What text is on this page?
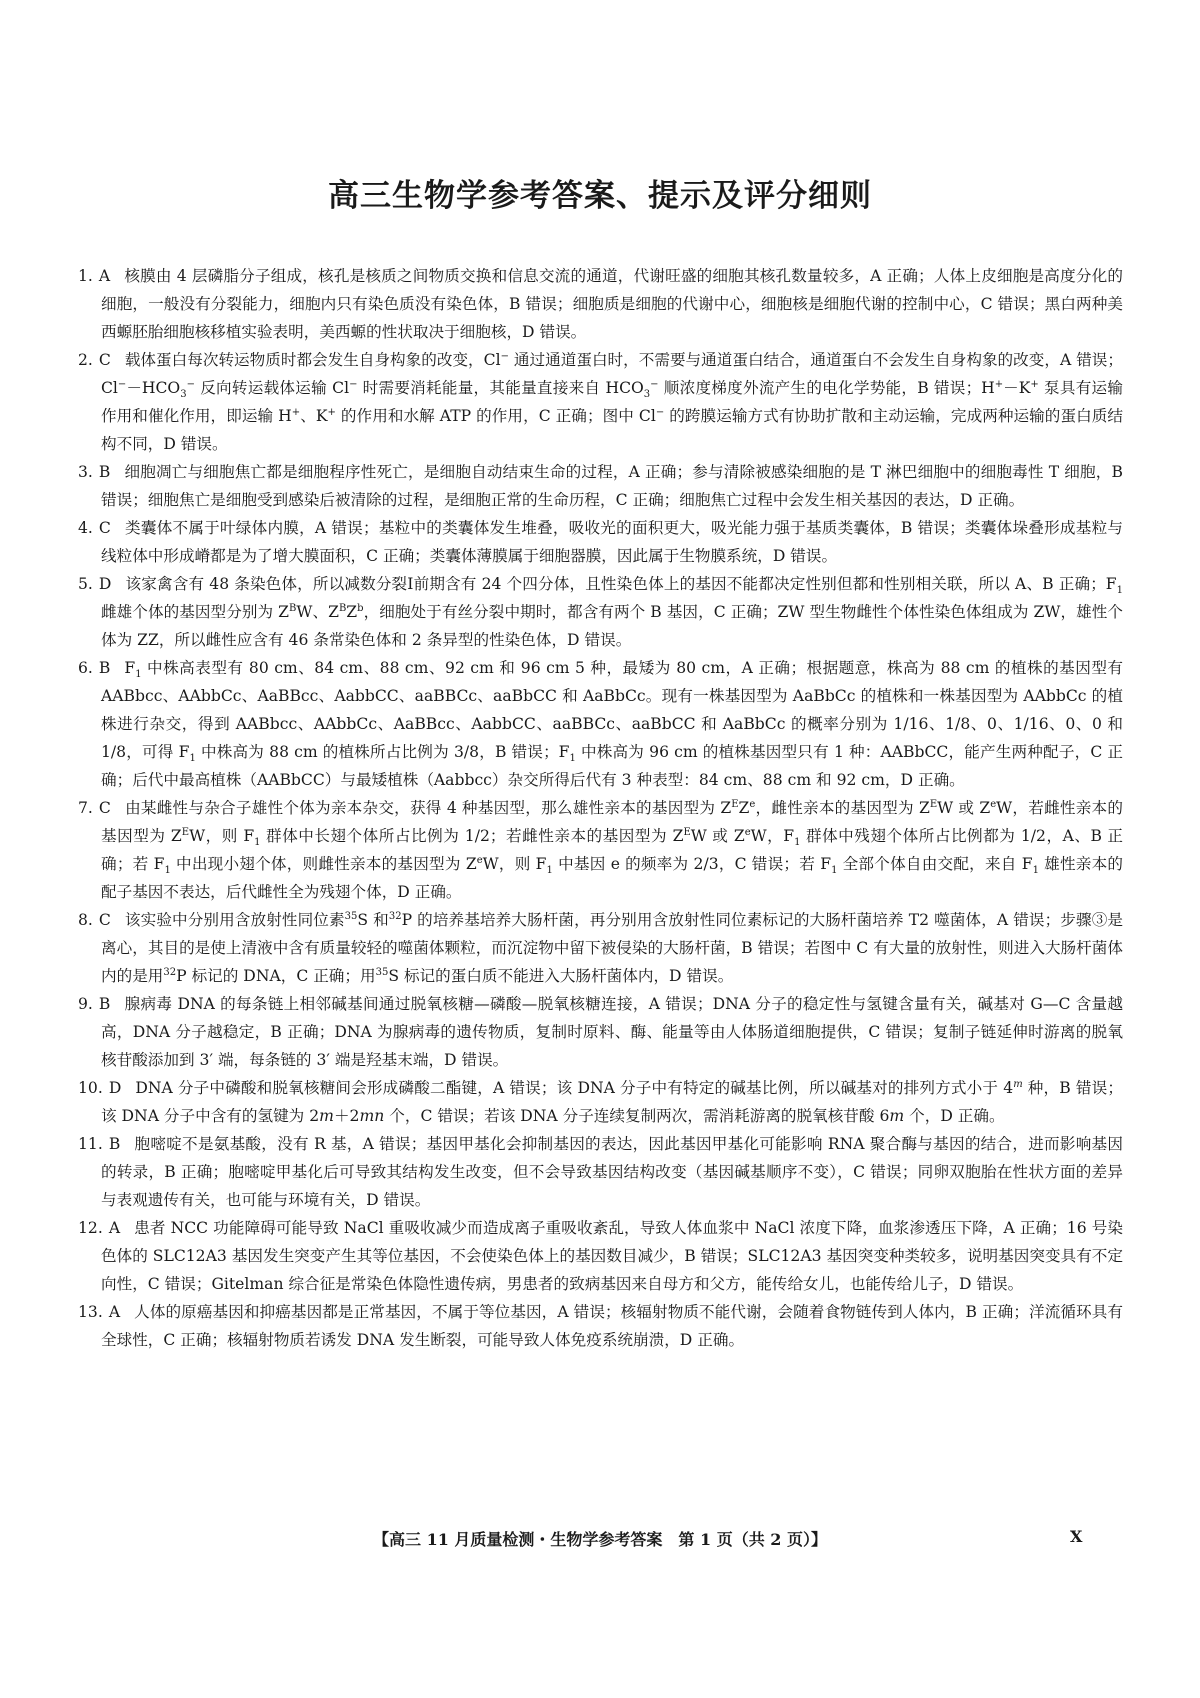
高三生物学参考答案、提示及评分细则
1. A 核膜由 4 层磷脂分子组成，核孔是核质之间物质交换和信息交流的通道，代谢旺盛的细胞其核孔数量较多，A 正确；人体上皮细胞是高度分化的细胞，一般没有分裂能力，细胞内只有染色质没有染色体，B 错误；细胞质是细胞的代谢中心，细胞核是细胞代谢的控制中心，C 错误；黑白两种美西螈胚胎细胞核移植实验表明，美西螈的性状取决于细胞核，D 错误。
2. C 载体蛋白每次转运物质时都会发生自身构象的改变，Cl− 通过通道蛋白时，不需要与通道蛋白结合，通道蛋白不会发生自身构象的改变，A 错误；$Cl^--HCO_3^-$ 反向转运载体运输 Cl− 时需要消耗能量，其能量直接来自 $HCO_3^-$ 顺浓度梯度外流产生的电化学势能，B 错误；H+－K+ 泵具有运输作用和催化作用，即运输 H+、K+ 的作用和水解 ATP 的作用，C 正确；图中 Cl− 的跨膜运输方式有协助扩散和主动运输，完成两种运输的蛋白质结构不同，D 错误。
3. B 细胞凋亡与细胞焦亡都是细胞程序性死亡，是细胞自动结束生命的过程，A 正确；参与清除被感染细胞的是 T 淋巴细胞中的细胞毒性 T 细胞，B 错误；细胞焦亡是细胞受到感染后被清除的过程，是细胞正常的生命历程，C 正确；细胞焦亡过程中会发生相关基因的表达，D 正确。
4. C 类囊体不属于叶绿体内膜，A 错误；基粒中的类囊体发生堆叠，吸收光的面积更大，吸光能力强于基质类囊体，B 错误；类囊体垛叠形成基粒与线粒体中形成嵴都是为了增大膜面积，C 正确；类囊体薄膜属于细胞器膜，因此属于生物膜系统，D 错误。
5. D 该家禽含有 48 条染色体，所以减数分裂Ⅰ前期含有 24 个四分体，且性染色体上的基因不能都决定性别但都和性别相关联，所以 A、B 正确；$F_1$ 雌雄个体的基因型分别为 $Z^BW$、$Z^BZ^b$，细胞处于有丝分裂中期时，都含有两个 B 基因，C 正确；ZW 型生物雌性个体性染色体组成为 ZW，雄性个体为 ZZ，所以雌性应含有 46 条常染色体和 2 条异型的性染色体，D 错误。
6. B $F_1$ 中株高表型有 80 cm、84 cm、88 cm、92 cm 和 96 cm 5 种，最矮为 80 cm，A 正确；根据题意，株高为 88 cm 的植株的基因型有 AABbcc、AAbbCc、AaBBcc、AabbCC、aaBBCc、aaBbCC 和 AaBbCc。现有一株基因型为 AaBbCc 的植株和一株基因型为 AAbbCc 的植株进行杂交，得到 AABbcc、AAbbCc、AaBBcc、AabbCC、aaBBCc、aaBbCC 和 AaBbCc 的概率分别为 1/16、1/8、0、1/16、0、0 和 1/8，可得 $F_1$ 中株高为 88 cm 的植株所占比例为 3/8，B 错误；$F_1$ 中株高为 96 cm 的植株基因型只有 1 种：AABbCC，能产生两种配子，C 正确；后代中最高植株（AABbCC）与最矮植株（Aabbcc）杂交所得后代有 3 种表型：84 cm、88 cm 和 92 cm，D 正确。
7. C 由某雌性与杂合子雄性个体为亲本杂交，获得 4 种基因型，那么雄性亲本的基因型为 $Z^EZ^e$，雌性亲本的基因型为 $Z^EW$ 或 $Z^eW$，若雌性亲本的基因型为 $Z^EW$，则 $F_1$ 群体中长翅个体所占比例为 1/2；若雌性亲本的基因型为 $Z^EW$ 或 $Z^eW$，$F_1$ 群体中残翅个体所占比例都为 1/2，A、B 正确；若 $F_1$ 中出现小翅个体，则雌性亲本的基因型为 $Z^eW$，则 $F_1$ 中基因 e 的频率为 2/3，C 错误；若 $F_1$ 全部个体自由交配，来自 $F_1$ 雄性亲本的配子基因不表达，后代雌性全为残翅个体，D 正确。
8. C 该实验中分别用含放射性同位素$^{35}$S 和$^{32}$P 的培养基培养大肠杆菌，再分别用含放射性同位素标记的大肠杆菌培养 T2 噬菌体，A 错误；步骤③是离心，其目的是使上清液中含有质量较轻的噬菌体颗粒，而沉淀物中留下被侵染的大肠杆菌，B 错误；若图中 C 有大量的放射性，则进入大肠杆菌体内的是用$^{32}$P 标记的 DNA，C 正确；用$^{35}$S 标记的蛋白质不能进入大肠杆菌体内，D 错误。
9. B 腺病毒 DNA 的每条链上相邻碱基间通过脱氧核糖—磷酸—脱氧核糖连接，A 错误；DNA 分子的稳定性与氢键含量有关，碱基对 G—C 含量越高，DNA 分子越稳定，B 正确；DNA 为腺病毒的遗传物质，复制时原料、酶、能量等由人体肠道细胞提供，C 错误；复制子链延伸时游离的脱氧核苷酸添加到 3′ 端，每条链的 3′ 端是羟基末端，D 错误。
10. D DNA 分子中磷酸和脱氧核糖间会形成磷酸二酯键，A 错误；该 DNA 分子中有特定的碱基比例，所以碱基对的排列方式小于 4$^m$ 种，B 错误；该 DNA 分子中含有的氢键为 2m＋2mn 个，C 错误；若该 DNA 分子连续复制两次，需消耗游离的脱氧核苷酸 6m 个，D 正确。
11. B 胞嘧啶不是氨基酸，没有 R 基，A 错误；基因甲基化会抑制基因的表达，因此基因甲基化可能影响 RNA 聚合酶与基因的结合，进而影响基因的转录，B 正确；胞嘧啶甲基化后可导致其结构发生改变，但不会导致基因结构改变（基因碱基顺序不变），C 错误；同卵双胞胎在性状方面的差异与表观遗传有关，也可能与环境有关，D 错误。
12. A 患者 NCC 功能障碍可能导致 NaCl 重吸收减少而造成离子重吸收紊乱，导致人体血浆中 NaCl 浓度下降，血浆渗透压下降，A 正确；16 号染色体的 SLC12A3 基因发生突变产生其等位基因，不会使染色体上的基因数目减少，B 错误；SLC12A3 基因突变种类较多，说明基因突变具有不定向性，C 错误；Gitelman 综合征是常染色体隐性遗传病，男患者的致病基因来自母方和父方，能传给女儿，也能传给儿子，D 错误。
13. A 人体的原癌基因和抑癌基因都是正常基因，不属于等位基因，A 错误；核辐射物质不能代谢，会随着食物链传到人体内，B 正确；洋流循环具有全球性，C 正确；核辐射物质若诱发 DNA 发生断裂，可能导致人体免疫系统崩溃，D 正确。
【高三 11 月质量检测・生物学参考答案　第 1 页（共 2 页）】	X
